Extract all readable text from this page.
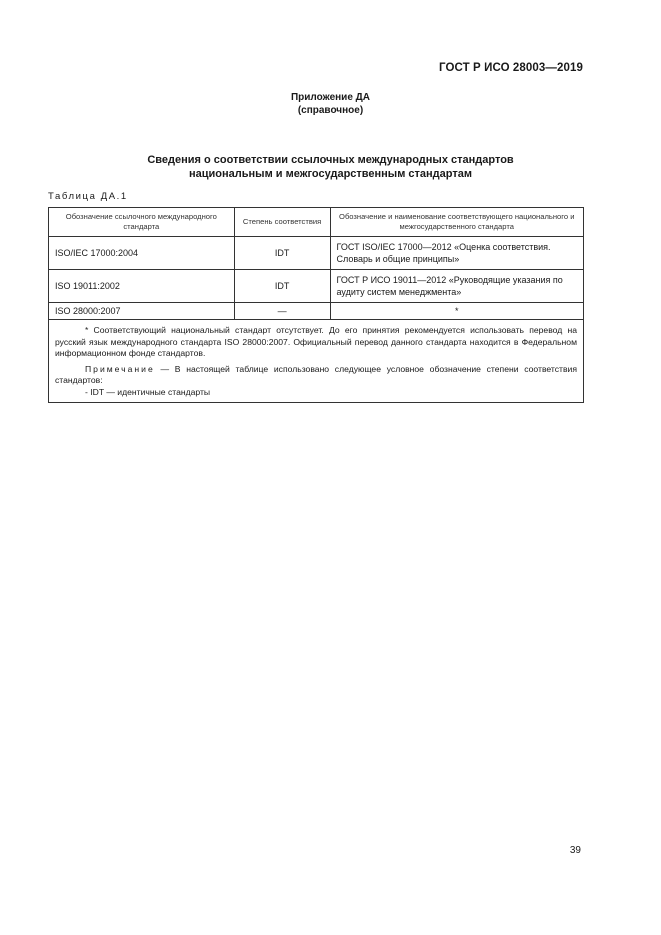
ГОСТ Р ИСО 28003—2019
Приложение ДА
(справочное)
Сведения о соответствии ссылочных международных стандартов
национальным и межгосударственным стандартам
Таблица ДА.1
Обозначение ссылочного международного стандарта	Степень соответствия	Обозначение и наименование соответствующего национального и межгосударственного стандарта
ISO/IEC 17000:2004	IDT	ГОСТ ISO/IEC 17000—2012 «Оценка соответствия. Словарь и общие принципы»
ISO 19011:2002	IDT	ГОСТ Р ИСО 19011—2012 «Руководящие указания по аудиту систем менеджмента»
ISO 28000:2007	—	*

* Соответствующий национальный стандарт отсутствует. До его принятия рекомендуется использовать перевод на русский язык международного стандарта ISO 28000:2007. Официальный перевод данного стандарта находится в Федеральном информационном фонде стандартов.

Примечание — В настоящей таблице использовано следующее условное обозначение степени соответствия стандартов:

- IDT — идентичные стандарты		

39
